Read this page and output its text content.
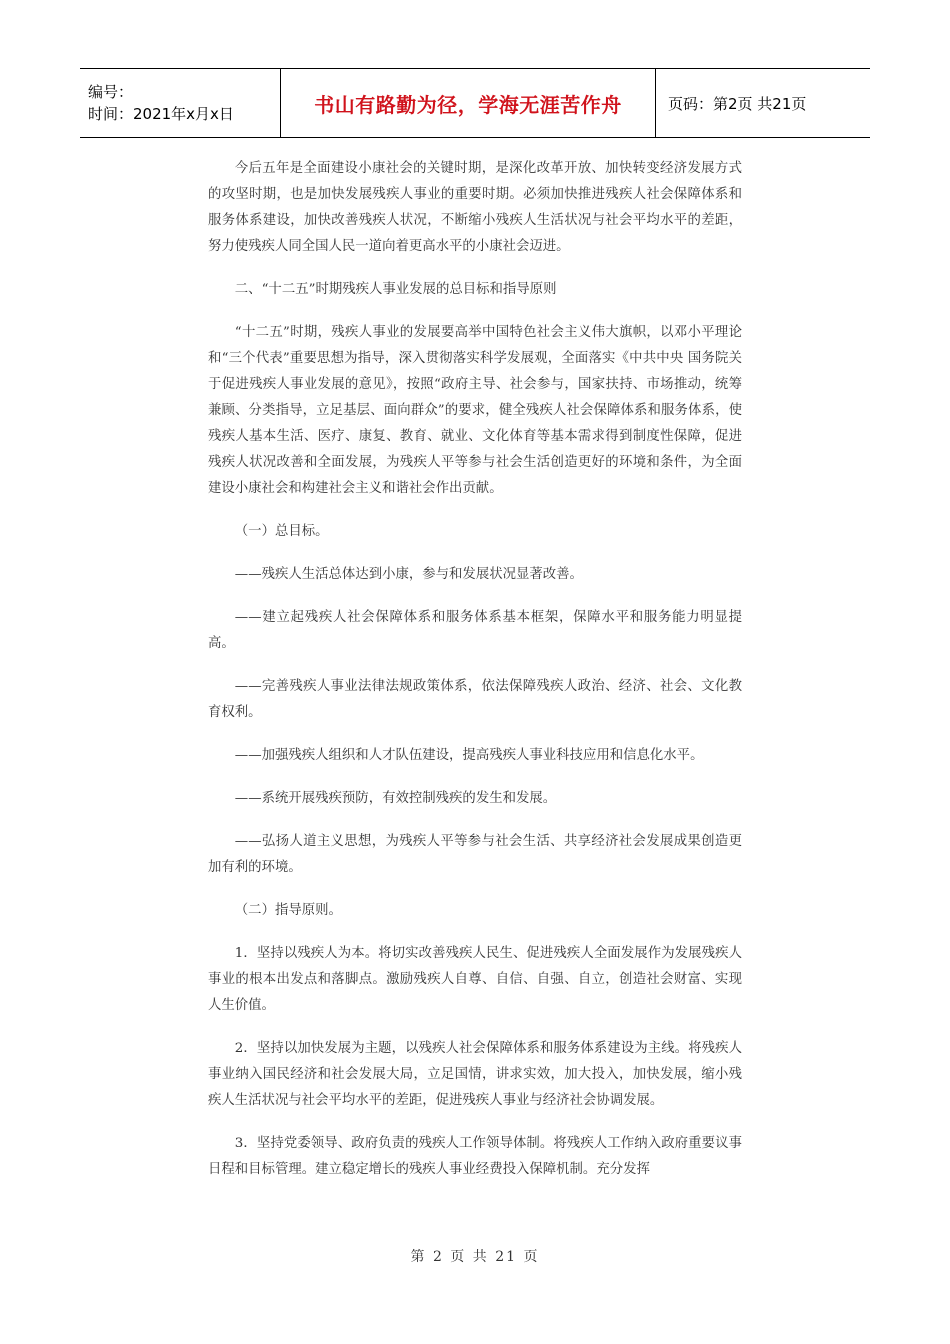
编号：
时间：2021年x月x日	书山有路勤为径，学海无涯苦作舟	页码：第2页 共21页

今后五年是全面建设小康社会的关键时期，是深化改革开放、加快转变经济发展方式的攻坚时期，也是加快发展残疾人事业的重要时期。必须加快推进残疾人社会保障体系和服务体系建设，加快改善残疾人状况，不断缩小残疾人生活状况与社会平均水平的差距，努力使残疾人同全国人民一道向着更高水平的小康社会迈进。

二、“十二五”时期残疾人事业发展的总目标和指导原则

“十二五”时期，残疾人事业的发展要高举中国特色社会主义伟大旗帜，以邓小平理论和“三个代表”重要思想为指导，深入贯彻落实科学发展观，全面落实《中共中央 国务院关于促进残疾人事业发展的意见》，按照“政府主导、社会参与，国家扶持、市场推动，统筹兼顾、分类指导，立足基层、面向群众”的要求，健全残疾人社会保障体系和服务体系，使残疾人基本生活、医疗、康复、教育、就业、文化体育等基本需求得到制度性保障，促进残疾人状况改善和全面发展，为残疾人平等参与社会生活创造更好的环境和条件，为全面建设小康社会和构建社会主义和谐社会作出贡献。

（一）总目标。

——残疾人生活总体达到小康，参与和发展状况显著改善。

——建立起残疾人社会保障体系和服务体系基本框架，保障水平和服务能力明显提高。

——完善残疾人事业法律法规政策体系，依法保障残疾人政治、经济、社会、文化教育权利。

——加强残疾人组织和人才队伍建设，提高残疾人事业科技应用和信息化水平。

——系统开展残疾预防，有效控制残疾的发生和发展。

——弘扬人道主义思想，为残疾人平等参与社会生活、共享经济社会发展成果创造更加有利的环境。

（二）指导原则。

1．坚持以残疾人为本。将切实改善残疾人民生、促进残疾人全面发展作为发展残疾人事业的根本出发点和落脚点。激励残疾人自尊、自信、自强、自立，创造社会财富、实现人生价值。

2．坚持以加快发展为主题，以残疾人社会保障体系和服务体系建设为主线。将残疾人事业纳入国民经济和社会发展大局，立足国情，讲求实效，加大投入，加快发展，缩小残疾人生活状况与社会平均水平的差距，促进残疾人事业与经济社会协调发展。

3．坚持党委领导、政府负责的残疾人工作领导体制。将残疾人工作纳入政府重要议事日程和目标管理。建立稳定增长的残疾人事业经费投入保障机制。充分发挥

第 2 页 共 21 页
